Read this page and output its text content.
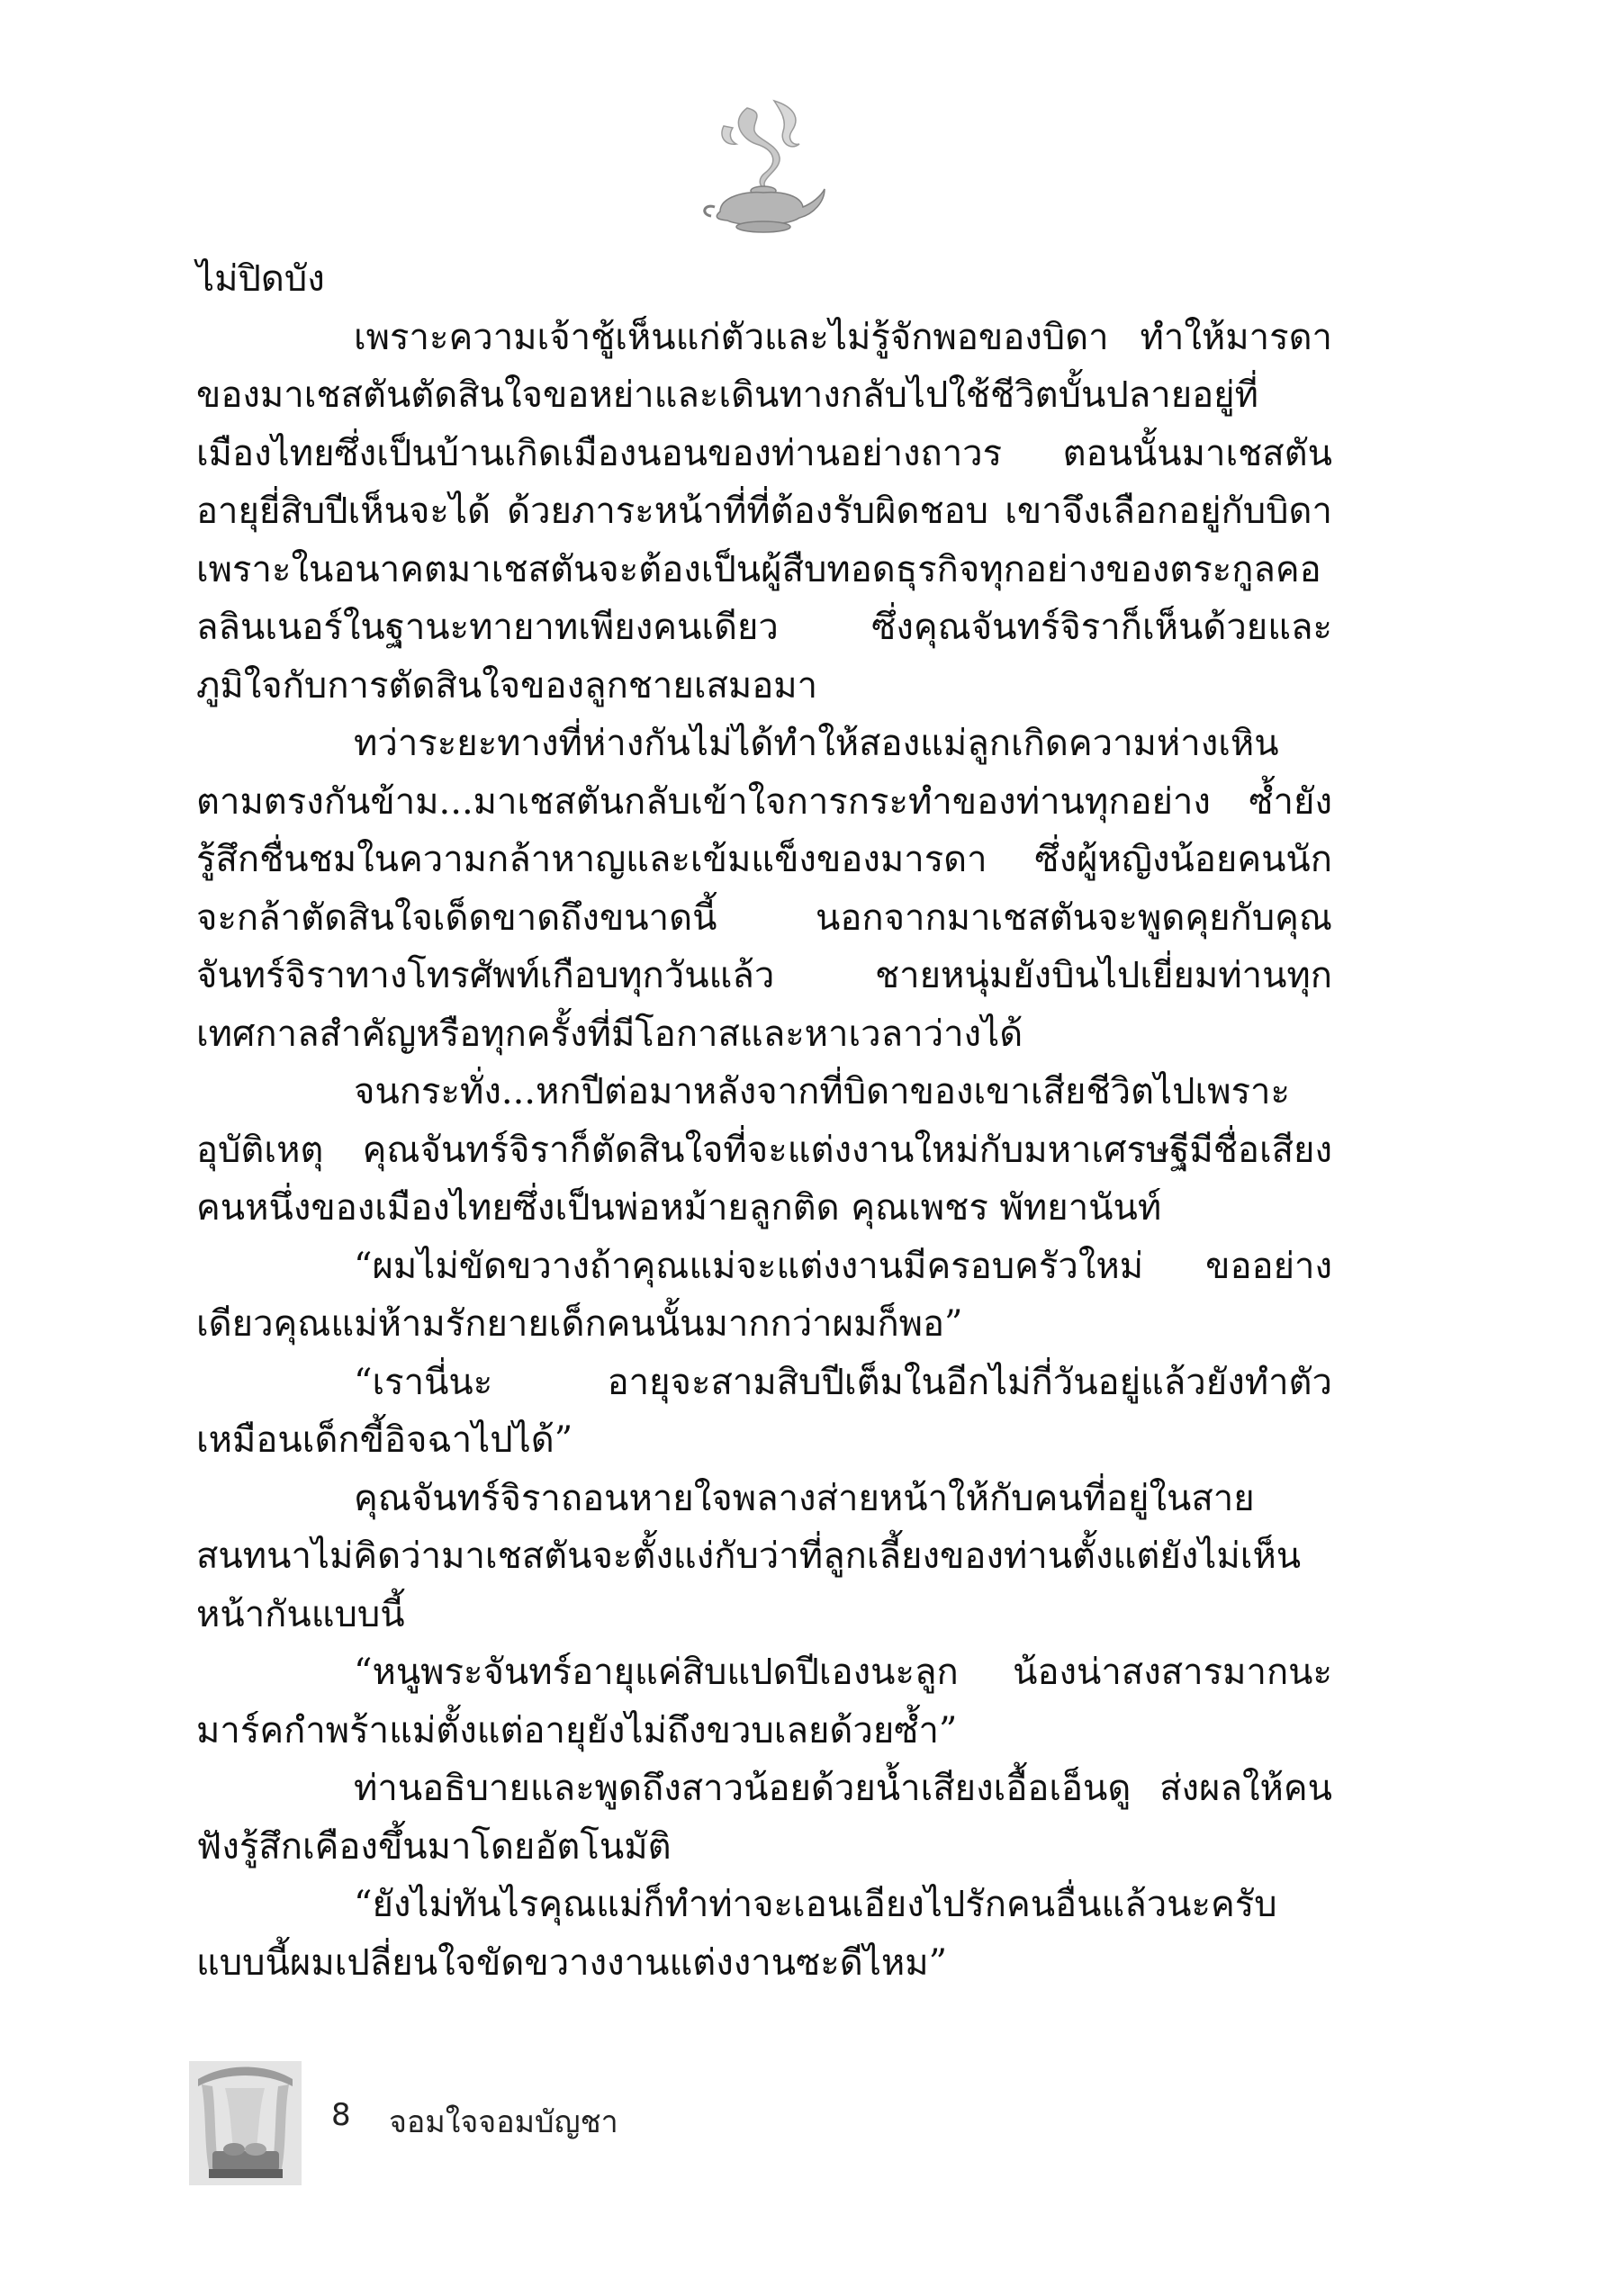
ไม่ปิดบัง

เพราะความเจ้าชู้เห็นแก่ตัวและไม่รู้จักพอของบิดา ทำให้มารดาของมาเชสตันตัดสินใจขอหย่าและเดินทางกลับไปใช้ชีวิตบั้นปลายอยู่ที่เมืองไทยซึ่งเป็นบ้านเกิดเมืองนอนของท่านอย่างถาวร ตอนนั้นมาเชสตันอายุยี่สิบปีเห็นจะได้ ด้วยภาระหน้าที่ที่ต้องรับผิดชอบ เขาจึงเลือกอยู่กับบิดาเพราะในอนาคตมาเชสตันจะต้องเป็นผู้สืบทอดธุรกิจทุกอย่างของตระกูลคอลลินเนอร์ในฐานะทายาทเพียงคนเดียว ซึ่งคุณจันทร์จิราก็เห็นด้วยและภูมิใจกับการตัดสินใจของลูกชายเสมอมา

ทว่าระยะทางที่ห่างกันไม่ได้ทำให้สองแม่ลูกเกิดความห่างเหินตามตรงกันข้าม...มาเชสตันกลับเข้าใจการกระทำของท่านทุกอย่าง ซ้ำยังรู้สึกชื่นชมในความกล้าหาญและเข้มแข็งของมารดา ซึ่งผู้หญิงน้อยคนนักจะกล้าตัดสินใจเด็ดขาดถึงขนาดนี้ นอกจากมาเชสตันจะพูดคุยกับคุณจันทร์จิราทางโทรศัพท์เกือบทุกวันแล้ว ชายหนุ่มยังบินไปเยี่ยมท่านทุกเทศกาลสำคัญหรือทุกครั้งที่มีโอกาสและหาเวลาว่างได้

จนกระทั่ง...หกปีต่อมาหลังจากที่บิดาของเขาเสียชีวิตไปเพราะอุบัติเหตุ คุณจันทร์จิราก็ตัดสินใจที่จะแต่งงานใหม่กับมหาเศรษฐีมีชื่อเสียงคนหนึ่งของเมืองไทยซึ่งเป็นพ่อหม้ายลูกติด คุณเพชร พัทยานันท์

“ผมไม่ขัดขวางถ้าคุณแม่จะแต่งงานมีครอบครัวใหม่ ขออย่างเดียวคุณแม่ห้ามรักยายเด็กคนนั้นมากกว่าผมก็พอ”

“เรานี่นะ อายุจะสามสิบปีเต็มในอีกไม่กี่วันอยู่แล้วยังทำตัวเหมือนเด็กขี้อิจฉาไปได้”

คุณจันทร์จิราถอนหายใจพลางส่ายหน้าให้กับคนที่อยู่ในสายสนทนาไม่คิดว่ามาเชสตันจะตั้งแง่กับว่าที่ลูกเลี้ยงของท่านตั้งแต่ยังไม่เห็นหน้ากันแบบนี้

“หนูพระจันทร์อายุแค่สิบแปดปีเองนะลูก น้องน่าสงสารมากนะมาร์คกำพร้าแม่ตั้งแต่อายุยังไม่ถึงขวบเลยด้วยซ้ำ”

ท่านอธิบายและพูดถึงสาวน้อยด้วยน้ำเสียงเอื้อเอ็นดู ส่งผลให้คนฟังรู้สึกเคืองขึ้นมาโดยอัตโนมัติ

“ยังไม่ทันไรคุณแม่ก็ทำท่าจะเอนเอียงไปรักคนอื่นแล้วนะครับแบบนี้ผมเปลี่ยนใจขัดขวางงานแต่งงานซะดีไหม”

8 จอมใจจอมบัญชา
